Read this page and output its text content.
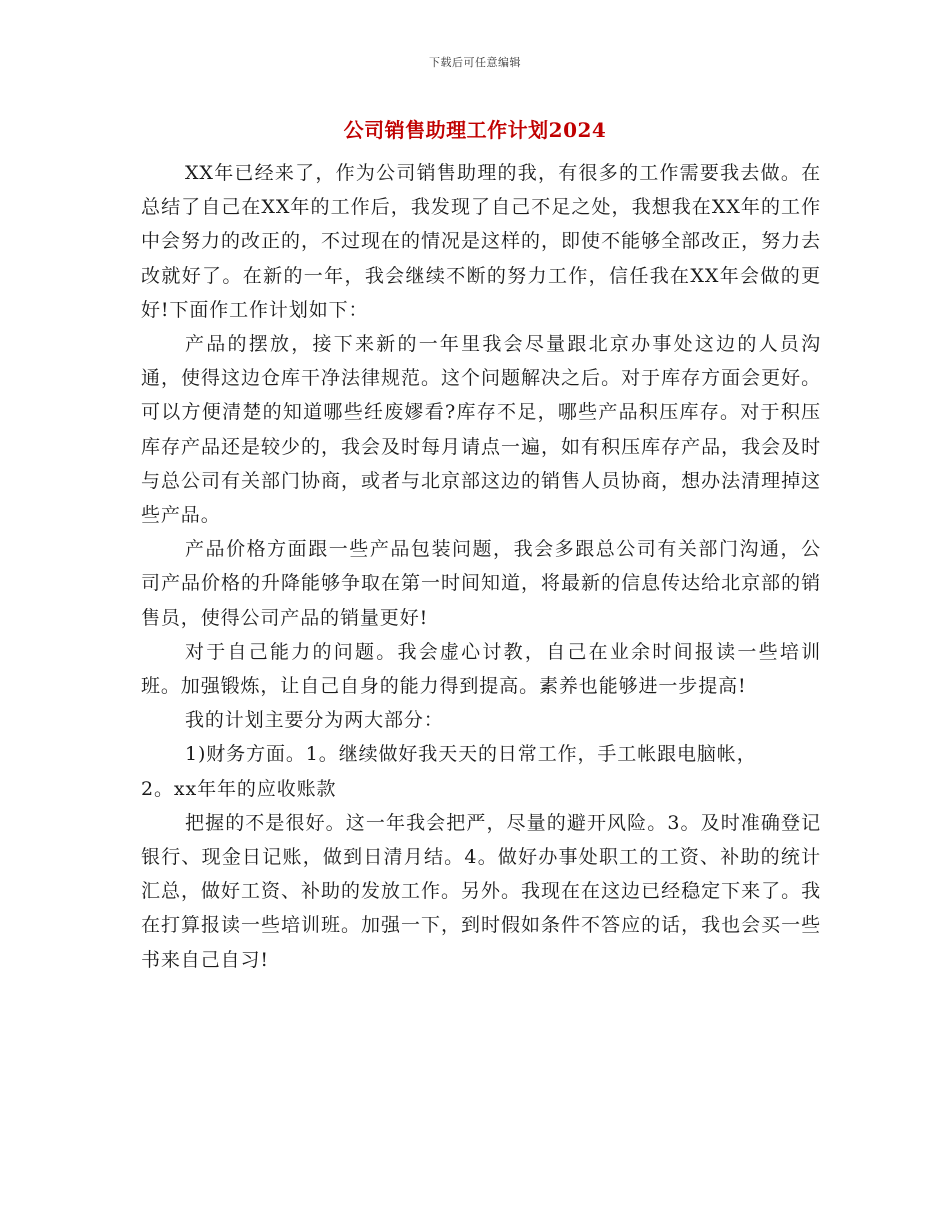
下载后可任意编辑
公司销售助理工作计划2024

XX年已经来了，作为公司销售助理的我，有很多的工作需要我去做。在总结了自己在XX年的工作后，我发现了自己不足之处，我想我在XX年的工作中会努力的改正的，不过现在的情况是这样的，即使不能够全部改正，努力去改就好了。在新的一年，我会继续不断的努力工作，信任我在XX年会做的更好!下面作工作计划如下：

产品的摆放，接下来新的一年里我会尽量跟北京办事处这边的人员沟通，使得这边仓库干净法律规范。这个问题解决之后。对于库存方面会更好。可以方便清楚的知道哪些纴废嫪看?库存不足，哪些产品积压库存。对于积压库存产品还是较少的，我会及时每月请点一遍，如有积压库存产品，我会及时与总公司有关部门协商，或者与北京部这边的销售人员协商，想办法清理掉这些产品。

产品价格方面跟一些产品包装问题，我会多跟总公司有关部门沟通，公司产品价格的升降能够争取在第一时间知道，将最新的信息传达给北京部的销售员，使得公司产品的销量更好!

对于自己能力的问题。我会虚心讨教，自己在业余时间报读一些培训班。加强锻炼，让自己自身的能力得到提高。素养也能够进一步提高!

我的计划主要分为两大部分：

1)财务方面。1。继续做好我天天的日常工作，手工帐跟电脑帐，

2。xx年年的应收账款

把握的不是很好。这一年我会把严，尽量的避开风险。3。及时准确登记银行、现金日记账，做到日清月结。4。做好办事处职工的工资、补助的统计汇总，做好工资、补助的发放工作。另外。我现在在这边已经稳定下来了。我在打算报读一些培训班。加强一下，到时假如条件不答应的话，我也会买一些书来自己自习!
